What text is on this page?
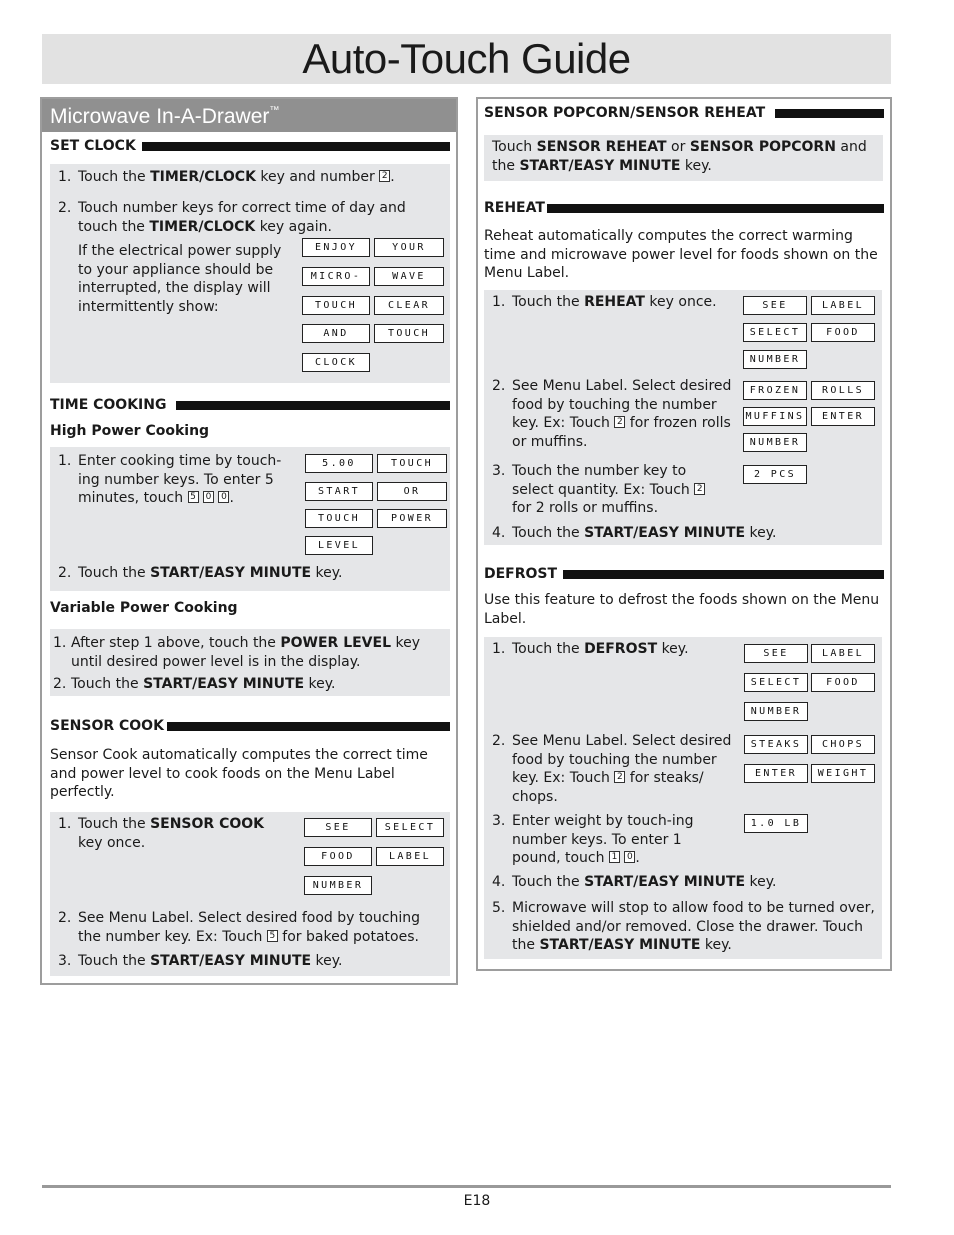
Auto-Touch Guide
Microwave In-A-Drawer™
SET CLOCK
1. Touch the TIMER/CLOCK key and number 2 .
2. Touch number keys for correct time of day and touch the TIMER/CLOCK key again.
If the electrical power supply to your appliance should be interrupted, the display will intermittently show:
ENJOY	YOUR
MICRO-	WAVE
TOUCH	CLEAR
AND	TOUCH
CLOCK
TIME COOKING
High Power Cooking
1. Enter cooking time by touch-ing number keys. To enter 5 minutes, touch 5 0 0 .
5.00	TOUCH
START	OR
TOUCH	POWER
LEVEL
2. Touch the START/EASY MINUTE key.
Variable Power Cooking
1. After step 1 above, touch the POWER LEVEL key until desired power level is in the display.
2. Touch the START/EASY MINUTE key.
SENSOR COOK
Sensor Cook automatically computes the correct time and power level to cook foods on the Menu Label perfectly.
1. Touch the SENSOR COOK key once.
SEE	SELECT
FOOD	LABEL
NUMBER
2. See Menu Label. Select desired food by touching the number key. Ex: Touch 5 for baked potatoes.
3. Touch the START/EASY MINUTE key.
SENSOR POPCORN/SENSOR REHEAT
Touch SENSOR REHEAT or SENSOR POPCORN and the START/EASY MINUTE key.
REHEAT
Reheat automatically computes the correct warming time and microwave power level for foods shown on the Menu Label.
1. Touch the REHEAT key once.	SEE	LABEL
SELECT	FOOD
NUMBER
2. See Menu Label. Select desired food by touching the number key. Ex: Touch 2 for frozen rolls or muffins.
FROZEN	ROLLS
MUFFINS	ENTER
NUMBER
3. Touch the number key to select quantity. Ex: Touch 2 for 2 rolls or muffins.
2 PCS
4. Touch the START/EASY MINUTE key.
DEFROST
Use this feature to defrost the foods shown on the Menu Label.
1. Touch the DEFROST key.	SEE	LABEL
SELECT	FOOD
NUMBER
2. See Menu Label. Select desired food by touching the number key. Ex: Touch 2 for steaks/ chops.
STEAKS	CHOPS
ENTER	WEIGHT
3. Enter weight by touch-ing number keys. To enter 1 pound, touch 1 0 .
1.0 LB
4. Touch the START/EASY MINUTE key.
5. Microwave will stop to allow food to be turned over, shielded and/or removed. Close the drawer. Touch the START/EASY MINUTE key.
E18
